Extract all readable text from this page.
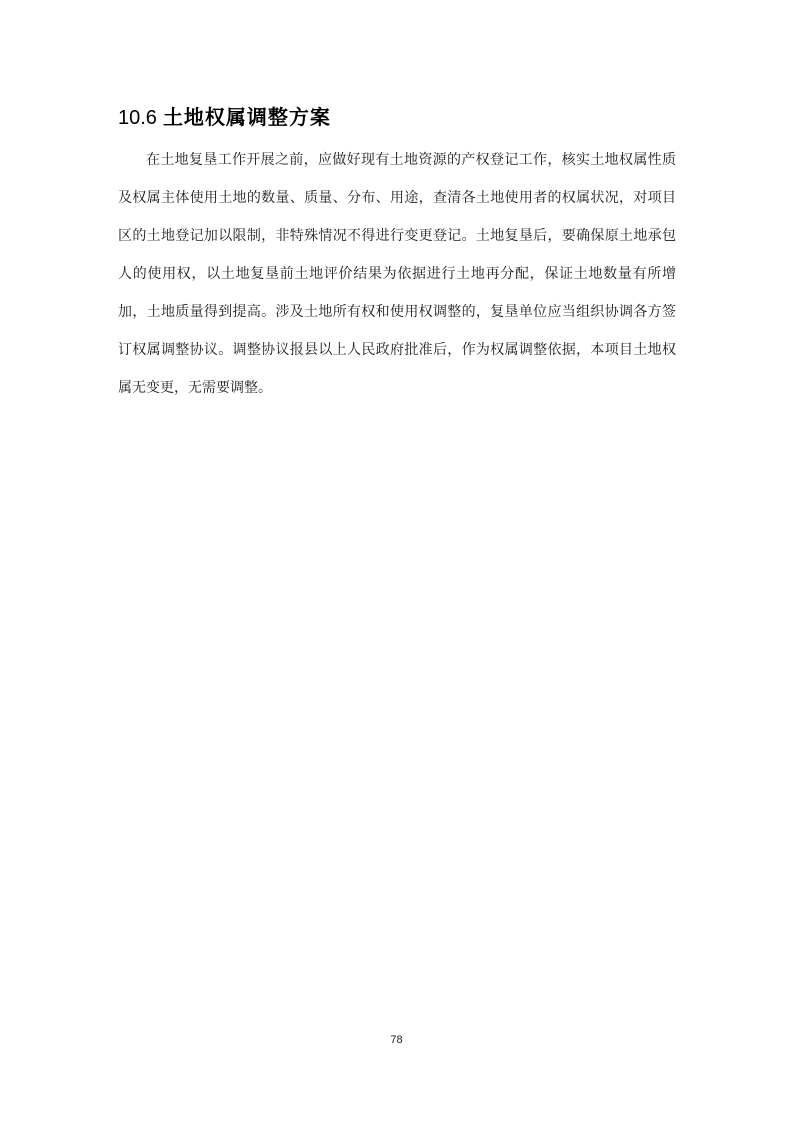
10.6 土地权属调整方案

在土地复垦工作开展之前，应做好现有土地资源的产权登记工作，核实土地权属性质及权属主体使用土地的数量、质量、分布、用途，查清各土地使用者的权属状况，对项目区的土地登记加以限制，非特殊情况不得进行变更登记。土地复垦后，要确保原土地承包人的使用权，以土地复垦前土地评价结果为依据进行土地再分配，保证土地数量有所增加，土地质量得到提高。涉及土地所有权和使用权调整的，复垦单位应当组织协调各方签订权属调整协议。调整协议报县以上人民政府批准后，作为权属调整依据，本项目土地权属无变更，无需要调整。

78
